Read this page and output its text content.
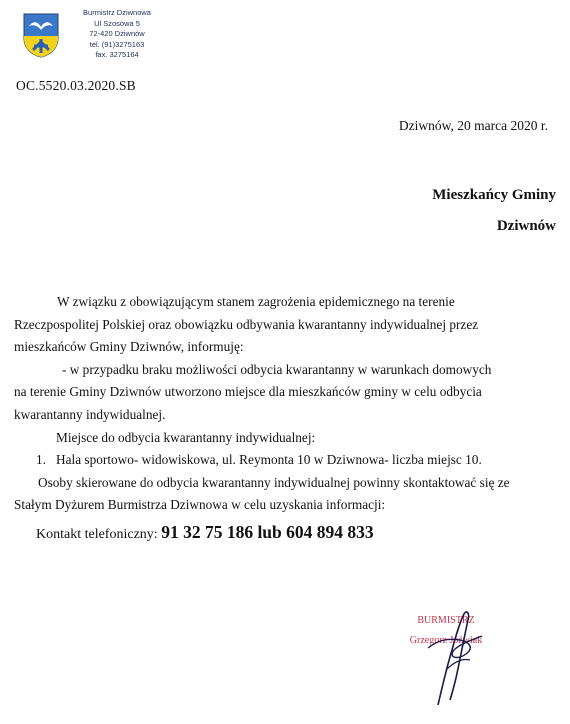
Burmistrz Dziwnowa
Ul Szosowa 5
72-420 Dziwnów
tel. (91)3275163
fax. 3275164
OC.5520.03.2020.SB
Dziwnów, 20 marca 2020 r.
Mieszkańcy Gminy
Dziwnów

W związku z obowiązującym stanem zagrożenia epidemicznego na terenie

Rzeczpospolitej Polskiej oraz obowiązku odbywania kwarantanny indywidualnej przez

mieszkańców Gminy Dziwnów, informuję:

- w przypadku braku możliwości odbycia kwarantanny w warunkach domowych

na terenie Gminy Dziwnów utworzono miejsce dla mieszkańców gminy w celu odbycia

kwarantanny indywidualnej.

Miejsce do odbycia kwarantanny indywidualnej:

1. Hala sportowo- widowiskowa, ul. Reymonta 10 w Dziwnowa- liczba miejsc 10.

Osoby skierowane do odbycia kwarantanny indywidualnej powinny skontaktować się ze

Stałym Dyżurem Burmistrza Dziwnowa w celu uzyskania informacji:

Kontakt telefoniczny: 91 32 75 186 lub 604 894 833

BURMISTRZ
Grzegorz Jóźwiak
